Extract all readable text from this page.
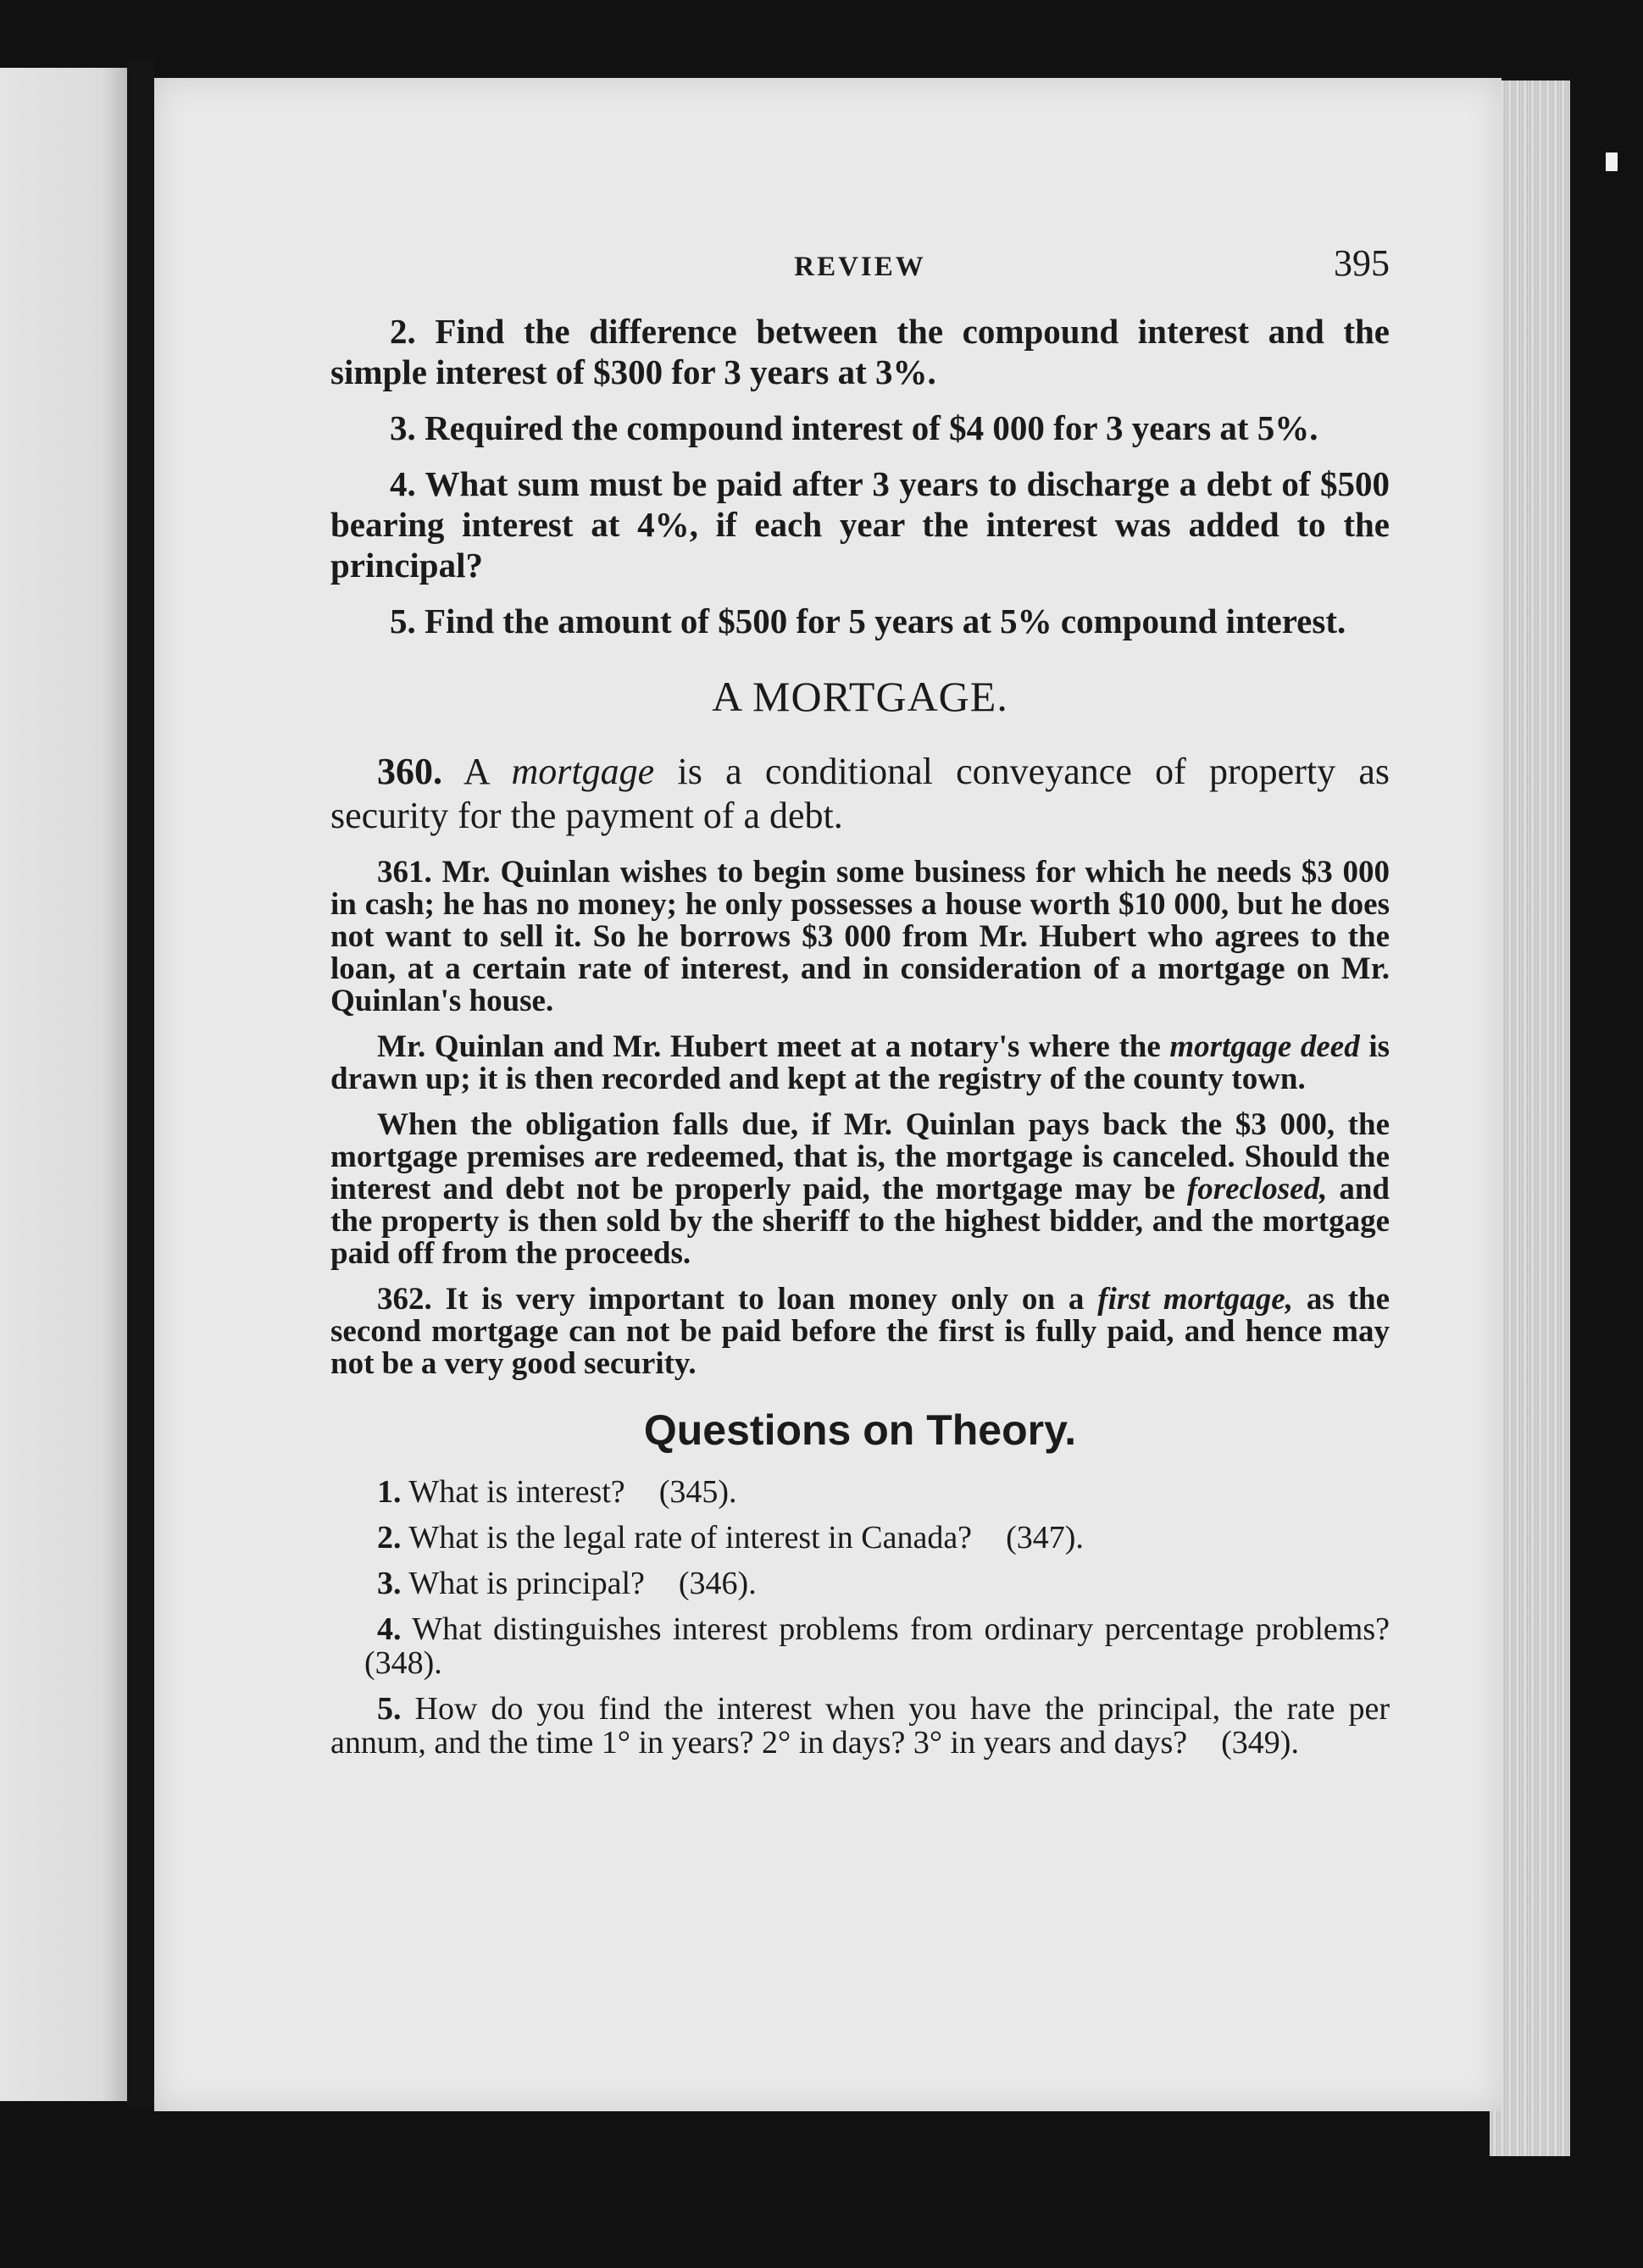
REVIEW	395

2. Find the difference between the compound interest and the simple interest of $300 for 3 years at 3%.

3. Required the compound interest of $4 000 for 3 years at 5%.

4. What sum must be paid after 3 years to discharge a debt of $500 bearing interest at 4%, if each year the interest was added to the principal?

5. Find the amount of $500 for 5 years at 5% compound interest.

A MORTGAGE.

360. A mortgage is a conditional conveyance of property as security for the payment of a debt.

361. Mr. Quinlan wishes to begin some business for which he needs $3 000 in cash; he has no money; he only possesses a house worth $10 000, but he does not want to sell it. So he borrows $3 000 from Mr. Hubert who agrees to the loan, at a certain rate of interest, and in consideration of a mortgage on Mr. Quinlan's house.

Mr. Quinlan and Mr. Hubert meet at a notary's where the mortgage deed is drawn up; it is then recorded and kept at the registry of the county town.

When the obligation falls due, if Mr. Quinlan pays back the $3 000, the mortgage premises are redeemed, that is, the mortgage is canceled. Should the interest and debt not be properly paid, the mortgage may be foreclosed, and the property is then sold by the sheriff to the highest bidder, and the mortgage paid off from the proceeds.

362. It is very important to loan money only on a first mortgage, as the second mortgage can not be paid before the first is fully paid, and hence may not be a very good security.

Questions on Theory.

1. What is interest? (345).

2. What is the legal rate of interest in Canada? (347).

3. What is principal? (346).

4. What distinguishes interest problems from ordinary percentage problems?(348).

5. How do you find the interest when you have the principal, the rate per annum, and the time 1° in years? 2° in days? 3° in years and days? (349).
